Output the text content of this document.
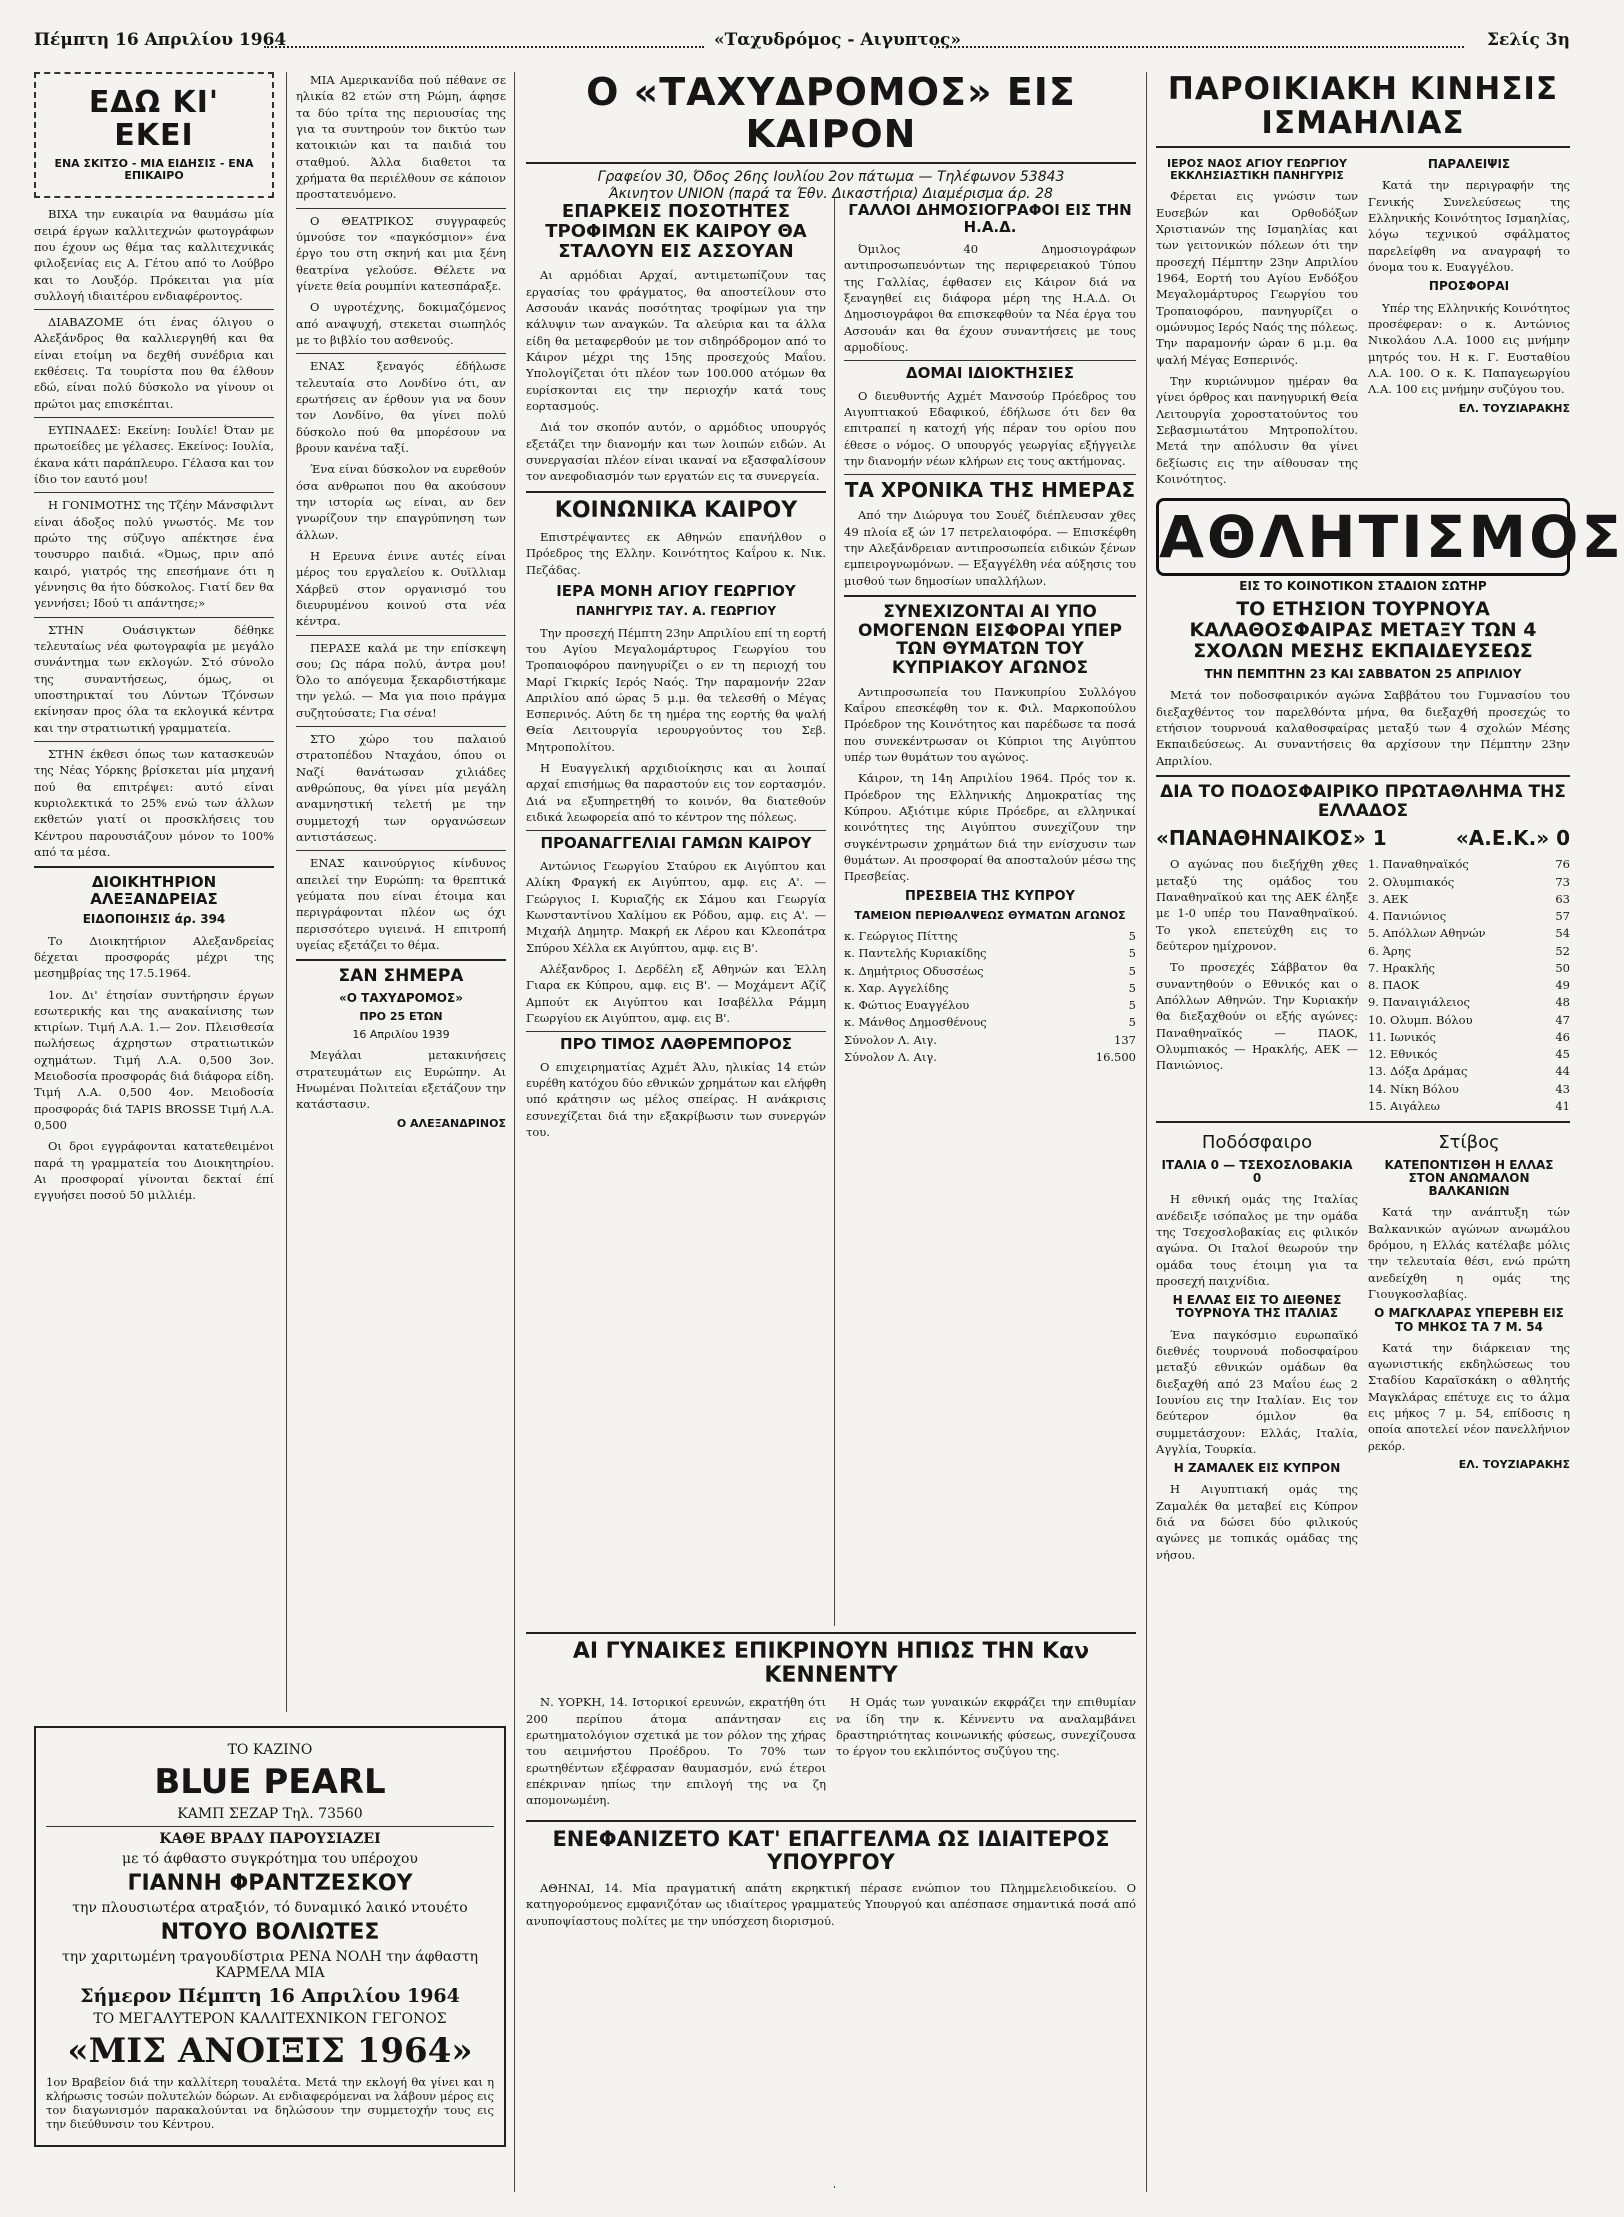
Πέμπτη 16 Απριλίου 1964	«Ταχυδρόμος - Αιγυπτος»	Σελίς 3η
ΕΔΩ ΚΙ' ΕΚΕΙ
ΕΝΑ ΣΚΙΤΣΟ - ΜΙΑ ΕΙΔΗΣΙΣ - ΕΝΑ ΕΠΙΚΑΙΡΟ

ΒΙΧΑ την ευκαιρία να θαυμάσω μία σειρά έργων καλλιτεχνών φωτογράφων που έχουν ως θέμα τας καλλιτεχνικάς φιλοξενίας εις Α. Γέτου από το Λούβρο και το Λουξόρ. Πρόκειται για μία συλλογή ιδιαιτέρου ενδιαφέροντος.

ΔΙΑΒΑΖΟΜΕ ότι ένας όλιγου ο Αλεξάνδρος θα καλλιεργηθή και θα είναι ετοίμη να δεχθή συνέδρια και εκθέσεις. Τα τουρίστα που θα έλθουν εδώ, είναι πολύ δύσκολο να γίνουν οι πρώτοι μας επισκέπται.

ΕΥΠΝΑΔΕΣ: Εκείνη: Ιουλίε! Όταν με πρωτοείδες με γέλασες. Εκείνος: Ιουλία, έκανα κάτι παράπλευρο. Γέλασα και τον ίδιο τον εαυτό μου!

Η ΓΟΝΙΜΟΤΗΣ της Τζέην Μάνσφιλντ είναι άδοξος πολύ γνωστός. Με τον πρώτο της σύζυγο απέκτησε ένα τουσυρρο παιδιά. «Όμως, πριν από καιρό, γιατρός της επεσήμανε ότι η γέννησις θα ήτο δύσκολος. Γιατί δεν θα γεννήσει; Ιδού τι απάντησε;»

ΣΤΗΝ Ουάσιγκτων δέθηκε τελευταίως νέα φωτογραφία με μεγάλο συνάντημα των εκλογών. Στό σύνολο της συναντήσεως, όμως, οι υποστηρικταί του Λύντων Τζόνσων εκίνησαν προς όλα τα εκλογικά κέντρα και την στρατιωτική γραμματεία.

ΣΤΗΝ έκθεσι όπως των κατασκευών της Νέας Υόρκης βρίσκεται μία μηχανή πού θα επιτρέψει: αυτό είναι κυριολεκτικά το 25% ενώ των άλλων εκθετών γιατί οι προσκλήσεις του Κέντρου παρουσιάζουν μόνον το 100% από τα μέσα.

ΔΙΟΙΚΗΤΗΡΙΟΝ ΑΛΕΞΑΝΔΡΕΙΑΣ
ΕΙΔΟΠΟΙΗΣΙΣ άρ. 394

Το Διοικητήριον Αλεξανδρείας δέχεται προσφοράς μέχρι της μεσημβρίας της 17.5.1964.

1ον. Δι' έτησίαν συντήρησιν έργων εσωτερικής και της ανακαίνισης των κτιρίων. Τιμή Λ.Α. 1.— 2ον. Πλεισθεσία πωλήσεως άχρηστων στρατιωτικών οχημάτων. Τιμή Λ.Α. 0,500 3ον. Μειοδοσία προσφοράς διά διάφορα είδη. Τιμή Λ.Α. 0,500 4ον. Μειοδοσία προσφοράς διά TAPIS BROSSE Τιμή Λ.Α. 0,500

Οι δροι εγγράφονται κατατεθειμένοι παρά τη γραμματεία του Διοικητηρίου. Αι προσφοραί γίνονται δεκταί έπί εγγυήσει ποσού 50 μιλλιέμ.

ΜΙΑ Αμερικανίδα πού πέθανε σε ηλικία 82 ετών στη Ρώμη, άφησε τα δύο τρίτα της περιουσίας της για τα συντηρούν τον δικτύο των κατοικιών και τα παιδιά του σταθμού. Άλλα διαθετοι τα χρήματα θα περιέλθουν σε κάποιον προστατευόμενο.

Ο ΘΕΑΤΡΙΚΟΣ συγγραφεύς ύμνούσε τον «παγκόσμιον» ένα έργο του στη σκηνή και μια ξένη θεατρίνα γελούσε. Θέλετε να γίνετε θεία ρουμπίνι κατεσπάραξε.

Ο υγροτέχνης, δοκιμαζόμενος από αναψυχή, στεκεται σιωπηλός με το βιβλίο του ασθενούς.

ΕΝΑΣ ξεναγός έδήλωσε τελευταία στο Λονδίνο ότι, αν ερωτήσεις αν έρθουν για να δουν τον Λονδίνο, θα γίνει πολύ δύσκολο πού θα μπορέσουν να βρουν κανένα ταξί.

Ένα είναι δύσκολον να ευρεθούν όσα ανθρωποι που θα ακούσουν την ιστορία ως είναι, αν δεν γνωρίζουν την επαγρύπνηση των άλλων.

Η Ερευνα ένινε αυτές είναι μέρος του εργαλείου κ. Ουϊλλιαμ Χάρβεϋ στον οργανισμό του διευρυμένου κοινού στα νέα κέντρα.

ΠΕΡΑΣΕ καλά με την επίσκεψη σου; Ως πάρα πολύ, άντρα μου! Όλο το απόγευμα ξεκαρδιστήκαμε την γελώ. — Μα για ποιο πράγμα συζητούσατε; Για σένα!

ΣΤΟ χώρο του παλαιού στρατοπέδου Νταχάου, όπου οι Ναζί θανάτωσαν χιλιάδες ανθρώπους, θα γίνει μία μεγάλη αναμνηστική τελετή με την συμμετοχή των οργανώσεων αντιστάσεως.

ΕΝΑΣ καινούργιος κίνδυνος απειλεί την Ευρώπη: τα θρεπτικά γεύματα που είναι έτοιμα και περιγράφονται πλέον ως όχι περισσότερο υγιεινά. Η επιτροπή υγείας εξετάζει το θέμα.

ΣΑΝ ΣΗΜΕΡΑ
«Ο ΤΑΧΥΔΡΟΜΟΣ»
ΠΡΟ 25 ΕΤΩΝ
16 Απριλίου 1939

Μεγάλαι μετακινήσεις στρατευμάτων εις Ευρώπην. Αι Ηνωμέναι Πολιτείαι εξετάζουν την κατάστασιν.

Ο ΑΛΕΞΑΝΔΡΙΝΟΣ
ΤΟ ΚΑΖΙΝΟ
BLUE PEARL
ΚΑΜΠ ΣΕΖΑΡ Τηλ. 73560
ΚΑΘΕ ΒΡΑΔΥ ΠΑΡΟΥΣΙΑΖΕΙ
με τό άφθαστο συγκρότημα του υπέροχου
ΓΙΑΝΝΗ ΦΡΑΝΤΖΕΣΚΟΥ
την πλουσιωτέρα ατραξιόν, τό δυναμικό λαικό ντουέτο
ΝΤΟΥΟ ΒΟΛΙΩΤΕΣ
την χαριτωμένη τραγουδίστρια ΡΕΝΑ ΝΟΛΗ την άφθαστη ΚΑΡΜΕΛΑ ΜΙΑ
Σήμερον Πέμπτη 16 Απριλίου 1964
ΤΟ ΜΕΓΑΛΥΤΕΡΟΝ ΚΑΛΛΙΤΕΧΝΙΚΟΝ ΓΕΓΟΝΟΣ
«ΜΙΣ ΑΝΟΙΞΙΣ 1964»
1ον Βραβείον διά την καλλίτερη τουαλέτα. Μετά την εκλογή θα γίνει και η κλήρωσις τοσών πολυτελών δώρων. Αι ενδιαφερόμεναι να λάβουν μέρος εις τον διαγωνισμόν παρακαλούνται να δηλώσουν την συμμετοχήν τους εις την διεύθυνσιν του Κέντρου.
Ο «ΤΑΧΥΔΡΟΜΟΣ» ΕΙΣ ΚΑΙΡΟΝ
Γραφείον 30, Όδος 26ης Ιουλίου 2ον πάτωμα — Τηλέφωνον 53843
Άκινητον UNION (παρά τα Έθν. Δικαστήρια) Διαμέρισμα άρ. 28
ΕΠΑΡΚΕΙΣ ΠΟΣΟΤΗΤΕΣ ΤΡΟΦΙΜΩΝ ΕΚ ΚΑΙΡΟΥ ΘΑ ΣΤΑΛΟΥΝ ΕΙΣ ΑΣΣΟΥΑΝ

Αι αρμόδιαι Αρχαί, αντιμετωπίζουν τας εργασίας του φράγματος, θα αποστείλουν στο Ασσουάν ικανάς ποσότητας τροφίμων για την κάλυψιν των αναγκών. Τα αλεύρια και τα άλλα είδη θα μεταφερθούν με τον σιδηρόδρομον από το Κάιρον μέχρι της 15ης προσεχούς Μαΐου. Υπολογίζεται ότι πλέον των 100.000 ατόμων θα ευρίσκονται εις την περιοχήν κατά τους εορτασμούς.

Διά τον σκοπόν αυτόν, ο αρμόδιος υπουργός εξετάζει την διανομήν και των λοιπών ειδών. Αι συνεργασίαι πλέον είναι ικαναί να εξασφαλίσουν τον ανεφοδιασμόν των εργατών εις τα συνεργεία.

ΚΟΙΝΩΝΙΚΑ ΚΑΙΡΟΥ

Επιστρέψαντες εκ Αθηνών επανήλθον ο Πρόεδρος της Ελλην. Κοινότητος Καΐρου κ. Νικ. Πεζάδας.

ΙΕΡΑ ΜΟΝΗ ΑΓΙΟΥ ΓΕΩΡΓΙΟΥ
ΠΑΝΗΓΥΡΙΣ ΤΑΥ. Α. ΓΕΩΡΓΙΟΥ

Την προσεχή Πέμπτη 23ην Απριλίου επί τη εορτή του Αγίου Μεγαλομάρτυρος Γεωργίου του Τροπαιοφόρου πανηγυρίζει ο εν τη περιοχή του Μαρί Γκιρκίς Ιερός Ναός. Την παραμονήν 22αν Απριλίου από ώρας 5 μ.μ. θα τελεσθή ο Μέγας Εσπερινός. Αύτη δε τη ημέρα της εορτής θα ψαλή Θεία Λειτουργία ιερουργούντος του Σεβ. Μητροπολίτου.

Η Ευαγγελική αρχιδιοίκησις και αι λοιπαί αρχαί επισήμως θα παραστούν εις τον εορτασμόν. Διά να εξυπηρετηθή το κοινόν, θα διατεθούν ειδικά λεωφορεία από το κέντρον της πόλεως.

ΠΡΟΑΝΑΓΓΕΛΙΑΙ ΓΑΜΩΝ ΚΑΙΡΟΥ

Αντώνιος Γεωργίου Σταύρου εκ Αιγύπτου και Αλίκη Φραγκή εκ Αιγύπτου, αμφ. εις Α'. — Γεώργιος Ι. Κυριαζής εκ Σάμου και Γεωργία Κωνσταντίνου Χαλίμου εκ Ρόδου, αμφ. εις Α'. — Μιχαήλ Δημητρ. Μακρή εκ Λέρου και Κλεοπάτρα Σπύρου Χέλλα εκ Αιγύπτου, αμφ. εις Β'.

Αλέξανδρος Ι. Δερδέλη εξ Αθηνών και Έλλη Γιαρα εκ Κύπρου, αμφ. εις Β'. — Μοχάμεντ Αζίζ Αμπούτ εκ Αιγύπτου και Ισαβέλλα Ράμμη Γεωργίου εκ Αιγύπτου, αμφ. εις Β'.

ΠΡΟ ΤΙΜΟΣ ΛΑΘΡΕΜΠΟΡΟΣ

Ο επιχειρηματίας Αχμέτ Άλυ, ηλικίας 14 ετών ευρέθη κατόχου δύο εθνικών χρημάτων και ελήφθη υπό κράτησιν ως μέλος σπείρας. Η ανάκρισις εσυνεχίζεται διά την εξακρίβωσιν των συνεργών του.

ΓΑΛΛΟΙ ΔΗΜΟΣΙΟΓΡΑΦΟΙ ΕΙΣ ΤΗΝ Η.Α.Δ.

Όμιλος 40 Δημοσιογράφων αντιπροσωπευόντων της περιφερειακού Τύπου της Γαλλίας, έφθασεν εις Κάιρον διά να ξεναγηθεί εις διάφορα μέρη της Η.Α.Δ. Οι Δημοσιογράφοι θα επισκεφθούν τα Νέα έργα του Ασσουάν και θα έχουν συναντήσεις με τους αρμοδίους.

ΔΟΜΑΙ ΙΔΙΟΚΤΗΣΙΕΣ

Ο διευθυντής Αχμέτ Μανσούρ Πρόεδρος του Αιγυπτιακού Εδαφικού, έδήλωσε ότι δεν θα επιτραπεί η κατοχή γής πέραν του ορίου που έθεσε ο νόμος. Ο υπουργός γεωργίας εξήγγειλε την διανομήν νέων κλήρων εις τους ακτήμονας.

ΤΑ ΧΡΟΝΙΚΑ ΤΗΣ ΗΜΕΡΑΣ

Από την Διώρυγα του Σουέζ διέπλευσαν χθες 49 πλοία εξ ών 17 πετρελαιοφόρα. — Επισκέφθη την Αλεξάνδρειαν αντιπροσωπεία ειδικών ξένων εμπειρογνωμόνων. — Εξαγγέλθη νέα αύξησις του μισθού των δημοσίων υπαλλήλων.

ΣΥΝΕΧΙΖΟΝΤΑΙ ΑΙ ΥΠΟ ΟΜΟΓΕΝΩΝ ΕΙΣΦΟΡΑΙ ΥΠΕΡ ΤΩΝ ΘΥΜΑΤΩΝ ΤΟΥ ΚΥΠΡΙΑΚΟΥ ΑΓΩΝΟΣ

Αντιπροσωπεία του Πανκυπρίου Συλλόγου Καΐρου επεσκέφθη τον κ. Φιλ. Μαρκοπούλου Πρόεδρον της Κοινότητος και παρέδωσε τα ποσά που συνεκέντρωσαν οι Κύπριοι της Αιγύπτου υπέρ των θυμάτων του αγώνος.

Κάιρον, τη 14η Απριλίου 1964. Πρός τον κ. Πρόεδρον της Ελληνικής Δημοκρατίας της Κύπρου. Αξιότιμε κύριε Πρόεδρε, αι ελληνικαί κοινότητες της Αιγύπτου συνεχίζουν την συγκέντρωσιν χρημάτων διά την ενίσχυσιν των θυμάτων. Αι προσφοραί θα αποσταλούν μέσω της Πρεσβείας.

ΠΡΕΣΒΕΙΑ ΤΗΣ ΚΥΠΡΟΥ
ΤΑΜΕΙΟΝ ΠΕΡΙΘΑΛΨΕΩΣ ΘΥΜΑΤΩΝ ΑΓΩΝΟΣ
κ. Γεώργιος Πίττης	5
κ. Παντελής Κυριακίδης	5
κ. Δημήτριος Οδυσσέως	5
κ. Χαρ. Αγγελίδης	5
κ. Φώτιος Ευαγγέλου	5
κ. Μάνθος Δημοσθένους	5
Σύνολον Λ. Αιγ.	137
Σύνολον Λ. Αιγ.	16.500
ΑΙ ΓΥΝΑΙΚΕΣ ΕΠΙΚΡΙΝΟΥΝ ΗΠΙΩΣ ΤΗΝ Καν ΚΕΝΝΕΝΤΥ

Ν. ΥΟΡΚΗ, 14. Ιστορικοί ερευνών, εκρατήθη ότι 200 περίπου άτομα απάντησαν εις ερωτηματολόγιον σχετικά με τον ρόλον της χήρας του αειμνήστου Προέδρου. Το 70% των ερωτηθέντων εξέφρασαν θαυμασμόν, ενώ έτεροι επέκριναν ηπίως την επιλογή της να ζη απομονωμένη.

Η Ομάς των γυναικών εκφράζει την επιθυμίαν να ίδη την κ. Κέννεντυ να αναλαμβάνει δραστηριότητας κοινωνικής φύσεως, συνεχίζουσα το έργον του εκλιπόντος συζύγου της.

ΕΝΕΦΑΝΙΖΕΤΟ ΚΑΤ' ΕΠΑΓΓΕΛΜΑ ΩΣ ΙΔΙΑΙΤΕΡΟΣ ΥΠΟΥΡΓΟΥ

ΑΘΗΝΑΙ, 14. Μία πραγματική απάτη εκρηκτική πέρασε ενώπιον του Πλημμελειοδικείου. Ο κατηγορούμενος εμφανιζόταν ως ιδιαίτερος γραμματεύς Υπουργού και απέσπασε σημαντικά ποσά από ανυποψίαστους πολίτες με την υπόσχεση διορισμού.

ΠΑΡΟΙΚΙΑΚΗ ΚΙΝΗΣΙΣ ΙΣΜΑΗΛΙΑΣ
ΙΕΡΟΣ ΝΑΟΣ ΑΓΙΟΥ ΓΕΩΡΓΙΟΥ ΕΚΚΛΗΣΙΑΣΤΙΚΗ ΠΑΝΗΓΥΡΙΣ

Φέρεται εις γνώσιν των Ευσεβών και Ορθοδόξων Χριστιανών της Ισμαηλίας και των γειτονικών πόλεων ότι την προσεχή Πέμπτην 23ην Απριλίου 1964, Εορτή του Αγίου Ενδόξου Μεγαλομάρτυρος Γεωργίου του Τροπαιοφόρου, πανηγυρίζει ο ομώνυμος Ιερός Ναός της πόλεως. Την παραμονήν ώραν 6 μ.μ. θα ψαλή Μέγας Εσπερινός.

Την κυριώνυμον ημέραν θα γίνει όρθρος και πανηγυρική Θεία Λειτουργία χοροστατούντος του Σεβασμιωτάτου Μητροπολίτου. Μετά την απόλυσιν θα γίνει δεξίωσις εις την αίθουσαν της Κοινότητος.

ΠΑΡΑΛΕΙΨΙΣ

Κατά την περιγραφήν της Γενικής Συνελεύσεως της Ελληνικής Κοινότητος Ισμαηλίας, λόγω τεχνικού σφάλματος παρελείφθη να αναγραφή το όνομα του κ. Ευαγγέλου.

ΠΡΟΣΦΟΡΑΙ

Υπέρ της Ελληνικής Κοινότητος προσέφεραν: ο κ. Αντώνιος Νικολάου Λ.Α. 1000 εις μνήμην μητρός του. Η κ. Γ. Ευσταθίου Λ.Α. 100. Ο κ. Κ. Παπαγεωργίου Λ.Α. 100 εις μνήμην συζύγου του.

ΕΛ. ΤΟΥΖΙΑΡΑΚΗΣ
ΑΘΛΗΤΙΣΜΟΣ
ΕΙΣ ΤΟ ΚΟΙΝΟΤΙΚΟΝ ΣΤΑΔΙΟΝ ΣΩΤΗΡ
ΤΟ ΕΤΗΣΙΟΝ ΤΟΥΡΝΟΥΑ ΚΑΛΑΘΟΣΦΑΙΡΑΣ ΜΕΤΑΞΥ ΤΩΝ 4 ΣΧΟΛΩΝ ΜΕΣΗΣ ΕΚΠΑΙΔΕΥΣΕΩΣ
ΤΗΝ ΠΕΜΠΤΗΝ 23 ΚΑΙ ΣΑΒΒΑΤΟΝ 25 ΑΠΡΙΛΙΟΥ

Μετά τον ποδοσφαιρικόν αγώνα Σαββάτου του Γυμνασίου του διεξαχθέντος τον παρελθόντα μήνα, θα διεξαχθή προσεχώς το ετήσιον τουρνουά καλαθοσφαίρας μεταξύ των 4 σχολών Μέσης Εκπαιδεύσεως. Αι συναντήσεις θα αρχίσουν την Πέμπτην 23ην Απριλίου.

ΔΙΑ ΤΟ ΠΟΔΟΣΦΑΙΡΙΚΟ ΠΡΩΤΑΘΛΗΜΑ ΤΗΣ ΕΛΛΑΔΟΣ
«ΠΑΝΑΘΗΝΑΙΚΟΣ» 1	«Α.Ε.Κ.» 0

Ο αγώνας που διεξήχθη χθες μεταξύ της ομάδος του Παναθηναϊκού και της ΑΕΚ έληξε με 1-0 υπέρ του Παναθηναϊκού. Το γκολ επετεύχθη εις το δεύτερον ημίχρονον.

Το προσεχές Σάββατον θα συναντηθούν ο Εθνικός και ο Απόλλων Αθηνών. Την Κυριακήν θα διεξαχθούν οι εξής αγώνες: Παναθηναϊκός — ΠΑΟΚ, Ολυμπιακός — Ηρακλής, ΑΕΚ — Πανιώνιος.

1. Παναθηναϊκός	76
2. Ολυμπιακός	73
3. ΑΕΚ	63
4. Πανιώνιος	57
5. Απόλλων Αθηνών	54
6. Άρης	52
7. Ηρακλής	50
8. ΠΑΟΚ	49
9. Παναιγιάλειος	48
10. Ολυμπ. Βόλου	47
11. Ιωνικός	46
12. Εθνικός	45
13. Δόξα Δράμας	44
14. Νίκη Βόλου	43
15. Αιγάλεω	41
Ποδόσφαιρο
ΙΤΑΛΙΑ 0 — ΤΣΕΧΟΣΛΟΒΑΚΙΑ 0

Η εθνική ομάς της Ιταλίας ανέδειξε ισόπαλος με την ομάδα της Τσεχοσλοβακίας εις φιλικόν αγώνα. Οι Ιταλοί θεωρούν την ομάδα τους έτοιμη για τα προσεχή παιχνίδια.

Η ΕΛΛΑΣ ΕΙΣ ΤΟ ΔΙΕΘΝΕΣ ΤΟΥΡΝΟΥΑ ΤΗΣ ΙΤΑΛΙΑΣ

Ένα παγκόσμιο ευρωπαϊκό διεθνές τουρνουά ποδοσφαίρου μεταξύ εθνικών ομάδων θα διεξαχθή από 23 Μαΐου έως 2 Ιουνίου εις την Ιταλίαν. Εις τον δεύτερον όμιλον θα συμμετάσχουν: Ελλάς, Ιταλία, Αγγλία, Τουρκία.

Η ΖΑΜΑΛΕΚ ΕΙΣ ΚΥΠΡΟΝ

Η Αιγυπτιακή ομάς της Ζαμαλέκ θα μεταβεί εις Κύπρον διά να δώσει δύο φιλικούς αγώνες με τοπικάς ομάδας της νήσου.

Στίβος
ΚΑΤΕΠΟΝΤΙΣΘΗ Η ΕΛΛΑΣ ΣΤΟΝ ΑΝΩΜΑΛΟΝ ΒΑΛΚΑΝΙΩΝ

Κατά την ανάπτυξη τών Βαλκανικών αγώνων ανωμάλου δρόμου, η Ελλάς κατέλαβε μόλις την τελευταία θέσι, ενώ πρώτη ανεδείχθη η ομάς της Γιουγκοσλαβίας.

Ο ΜΑΓΚΛΑΡΑΣ ΥΠΕΡΕΒΗ ΕΙΣ ΤΟ ΜΗΚΟΣ ΤΑ 7 Μ. 54

Κατά την διάρκειαν της αγωνιστικής εκδηλώσεως του Σταδίου Καραϊσκάκη ο αθλητής Μαγκλάρας επέτυχε εις το άλμα εις μήκος 7 μ. 54, επίδοσις η οποία αποτελεί νέον πανελλήνιον ρεκόρ.

ΕΛ. ΤΟΥΖΙΑΡΑΚΗΣ
